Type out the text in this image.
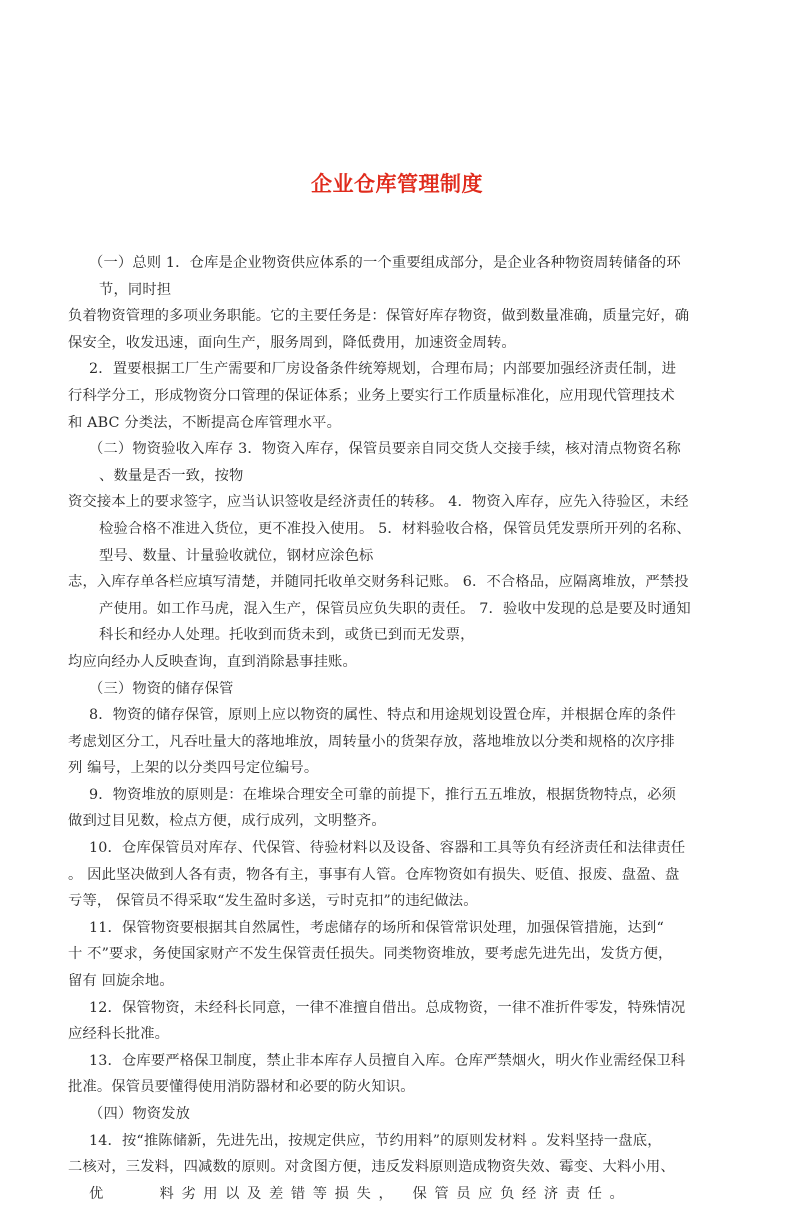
企业仓库管理制度
（一）总则 1．仓库是企业物资供应体系的一个重要组成部分，是企业各种物资周转储备的环
节，同时担
负着物资管理的多项业务职能。它的主要任务是：保管好库存物资，做到数量准确，质量完好，确
保安全，收发迅速，面向生产，服务周到，降低费用，加速资金周转。
2．置要根据工厂生产需要和厂房设备条件统筹规划，合理布局；内部要加强经济责任制，进
行科学分工，形成物资分口管理的保证体系；业务上要实行工作质量标准化，应用现代管理技术
和 ABC 分类法，不断提高仓库管理水平。
（二）物资验收入库存 3．物资入库存，保管员要亲自同交货人交接手续，核对清点物资名称
、数量是否一致，按物
资交接本上的要求签字，应当认识签收是经济责任的转移。 4．物资入库存，应先入待验区，未经
检验合格不准进入货位，更不准投入使用。 5．材料验收合格，保管员凭发票所开列的名称、
型号、数量、计量验收就位，钢材应涂色标
志，入库存单各栏应填写清楚，并随同托收单交财务科记账。 6．不合格品，应隔离堆放，严禁投
产使用。如工作马虎，混入生产，保管员应负失职的责任。 7．验收中发现的总是要及时通知
科长和经办人处理。托收到而货未到，或货已到而无发票，
均应向经办人反映查询，直到消除悬事挂账。
（三）物资的储存保管
8．物资的储存保管，原则上应以物资的属性、特点和用途规划设置仓库，并根据仓库的条件
考虑划区分工，凡吞吐量大的落地堆放，周转量小的货架存放，落地堆放以分类和规格的次序排
列 编号，上架的以分类四号定位编号。
9．物资堆放的原则是：在堆垛合理安全可靠的前提下，推行五五堆放，根据货物特点，必须
做到过目见数，检点方便，成行成列，文明整齐。
10．仓库保管员对库存、代保管、待验材料以及设备、容器和工具等负有经济责任和法律责任
。 因此坚决做到人各有责，物各有主，事事有人管。仓库物资如有损失、贬值、报废、盘盈、盘
亏等， 保管员不得采取“发生盈时多送，亏时克扣”的违纪做法。
11．保管物资要根据其自然属性，考虑储存的场所和保管常识处理，加强保管措施，达到“
十 不”要求，务使国家财产不发生保管责任损失。同类物资堆放，要考虑先进先出，发货方便，
留有 回旋余地。
12．保管物资，未经科长同意，一律不准擅自借出。总成物资，一律不准折件零发，特殊情况
应经科长批准。
13．仓库要严格保卫制度，禁止非本库存人员擅自入库。仓库严禁烟火，明火作业需经保卫科
批准。保管员要懂得使用消防器材和必要的防火知识。
（四）物资发放
14．按“推陈储新，先进先出，按规定供应，节约用料”的原则发材料 。发料坚持一盘底，
二核对，三发料，四减数的原则。对贪图方便，违反发料原则造成物资失效、霉变、大料小用、
优    料劣用以及差错等损失， 保管员应负经济责任。
